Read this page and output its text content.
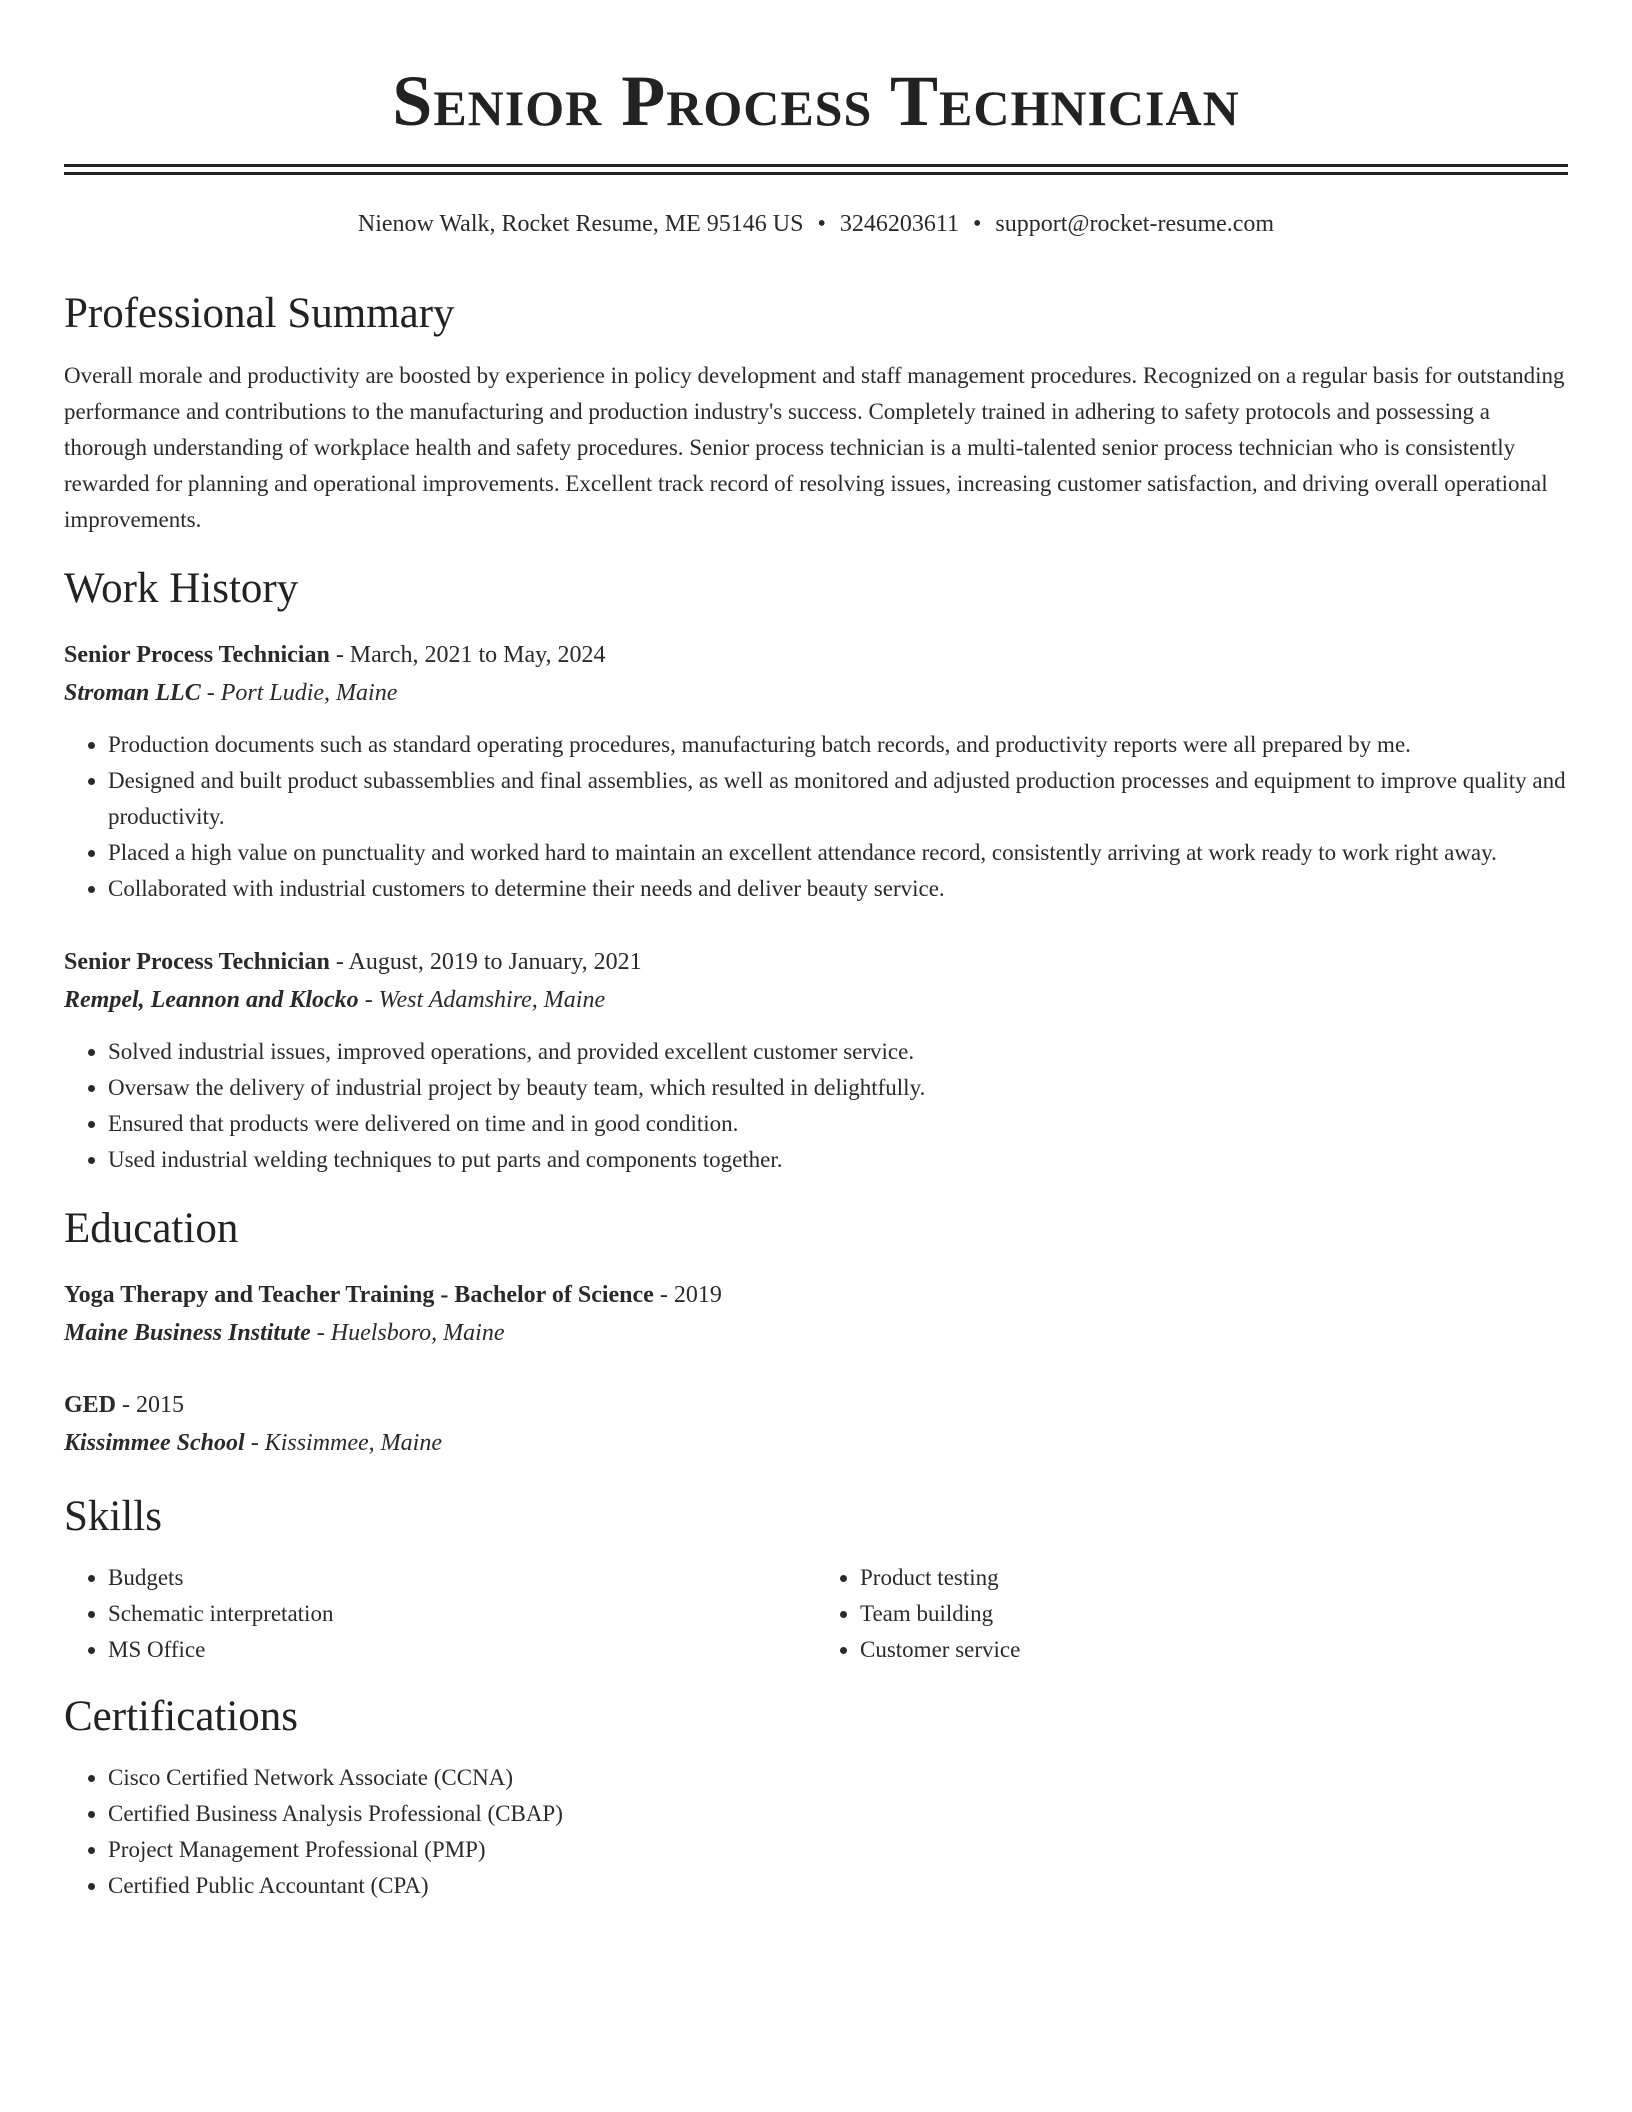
Senior Process Technician
Nienow Walk, Rocket Resume, ME 95146 US • 3246203611 • support@rocket-resume.com
Professional Summary

Overall morale and productivity are boosted by experience in policy development and staff management procedures. Recognized on a regular basis for outstanding performance and contributions to the manufacturing and production industry's success. Completely trained in adhering to safety protocols and possessing a thorough understanding of workplace health and safety procedures. Senior process technician is a multi-talented senior process technician who is consistently rewarded for planning and operational improvements. Excellent track record of resolving issues, increasing customer satisfaction, and driving overall operational improvements.

Work History
Senior Process Technician - March, 2021 to May, 2024
Stroman LLC - Port Ludie, Maine
• Production documents such as standard operating procedures, manufacturing batch records, and productivity reports were all prepared by me.
• Designed and built product subassemblies and final assemblies, as well as monitored and adjusted production processes and equipment to improve quality and productivity.
• Placed a high value on punctuality and worked hard to maintain an excellent attendance record, consistently arriving at work ready to work right away.
• Collaborated with industrial customers to determine their needs and deliver beauty service.
Senior Process Technician - August, 2019 to January, 2021
Rempel, Leannon and Klocko - West Adamshire, Maine
• Solved industrial issues, improved operations, and provided excellent customer service.
• Oversaw the delivery of industrial project by beauty team, which resulted in delightfully.
• Ensured that products were delivered on time and in good condition.
• Used industrial welding techniques to put parts and components together.
Education
Yoga Therapy and Teacher Training - Bachelor of Science - 2019
Maine Business Institute - Huelsboro, Maine
GED - 2015
Kissimmee School - Kissimmee, Maine
Skills
• Budgets
• Schematic interpretation
• MS Office
• Product testing
• Team building
• Customer service
Certifications
• Cisco Certified Network Associate (CCNA)
• Certified Business Analysis Professional (CBAP)
• Project Management Professional (PMP)
• Certified Public Accountant (CPA)
